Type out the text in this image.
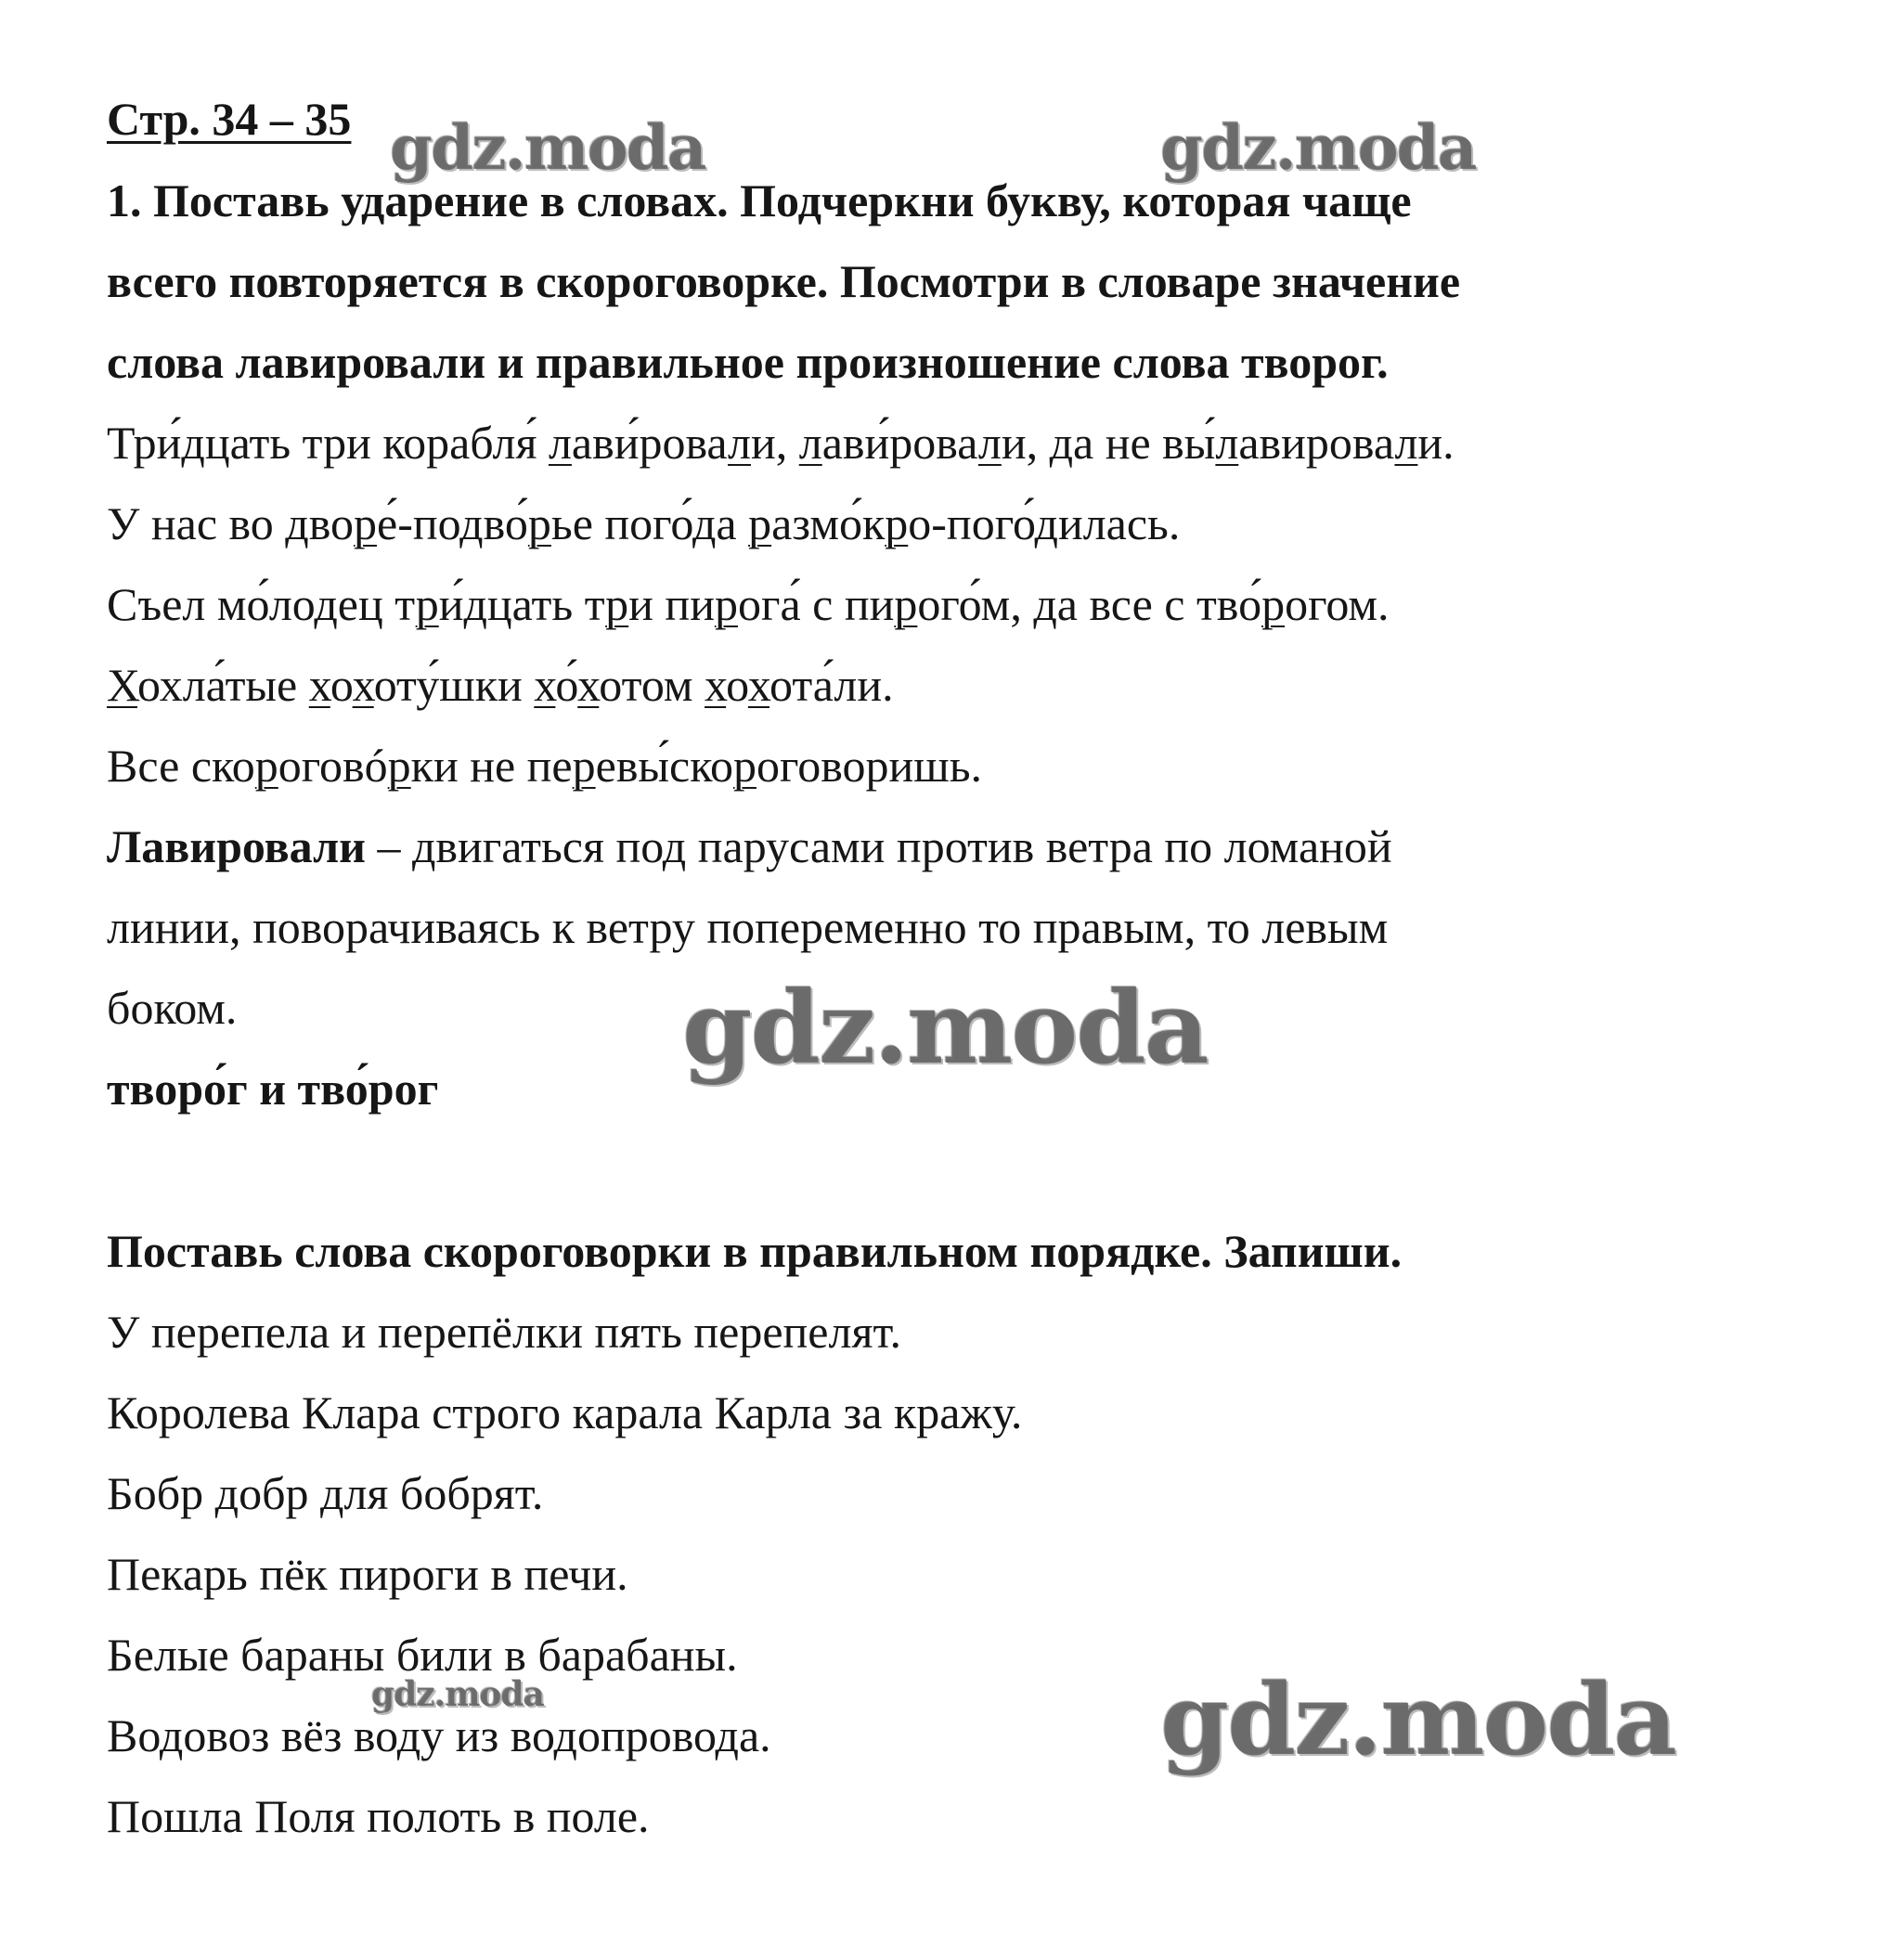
Стр. 34 – 35

1. Поставь ударение в словах. Подчеркни букву, которая чаще

всего повторяется в скороговорке. Посмотри в словаре значение

слова лавировали и правильное произношение слова творог.

Три́дцать три корабля́ лави́ровали, лави́ровали, да не вы́лавировали.

У нас во дворе́-подво́рье пого́да размо́кро-пого́дилась.

Съел мо́лодец три́дцать три пирога́ с пирого́м, да все с тво́рогом.

Хохла́тые хохоту́шки хо́хотом хохота́ли.

Все скороговóрки не перевы́скороговоришь.

Лавировали – двигаться под парусами против ветра по ломаной

линии, поворачиваясь к ветру попеременно то правым, то левым

боком.

творо́г и тво́рог

Поставь слова скороговорки в правильном порядке. Запиши.

У перепела и перепёлки пять перепелят.

Королева Клара строго карала Карла за кражу.

Бобр добр для бобрят.

Пекарь пёк пироги в печи.

Белые бараны били в барабаны.

Водовоз вёз воду из водопровода.

Пошла Поля полоть в поле.

gdz.moda	gdz.moda
gdz.moda
gdz.moda	gdz.moda
